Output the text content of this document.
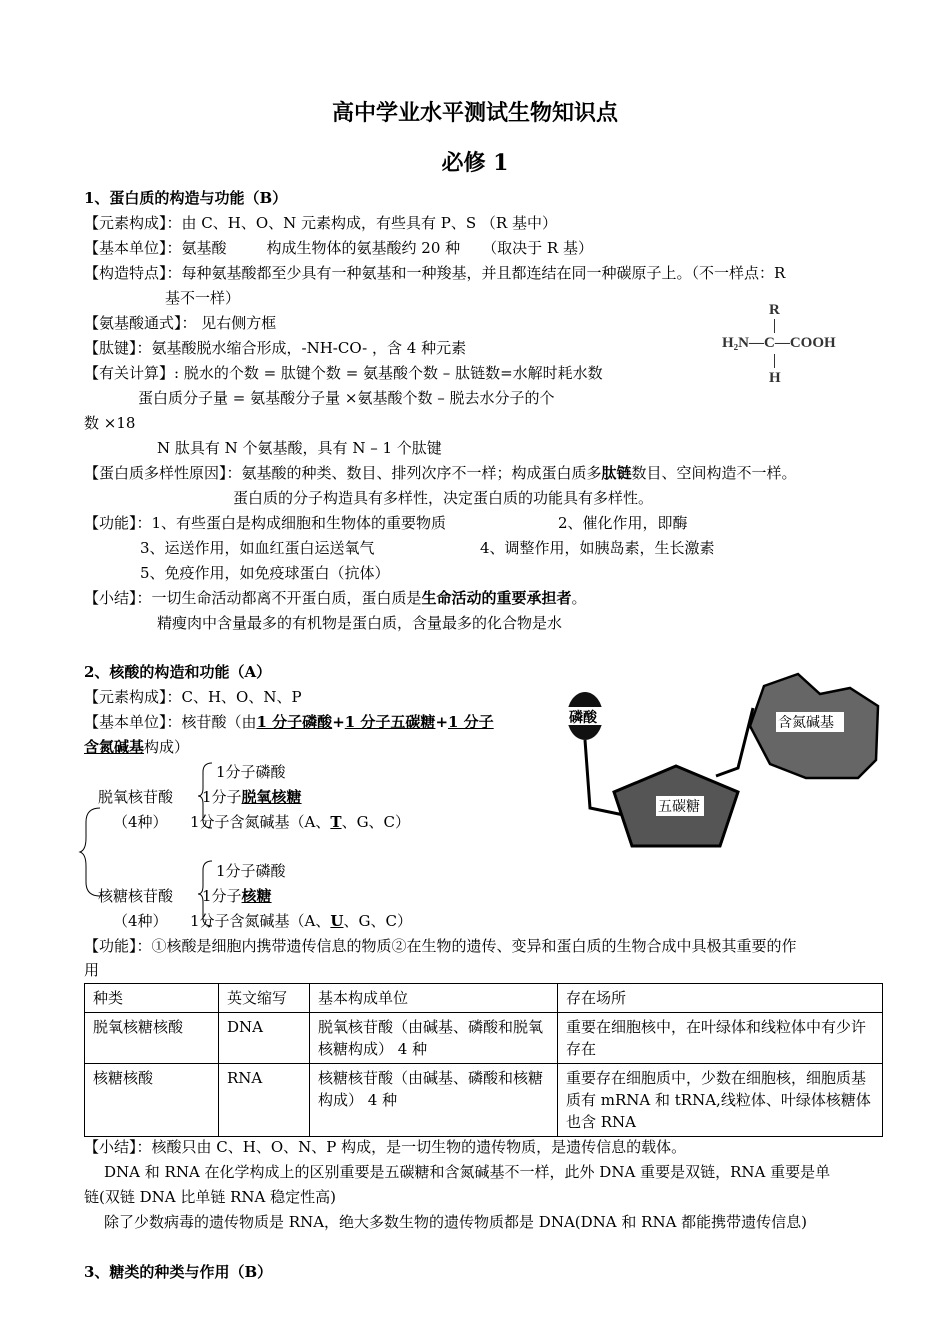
高中学业水平测试生物知识点
必修 1
1、蛋白质的构造与功能（B）
【元素构成】：由 C、H、O、N 元素构成，有些具有 P、S （R 基中）
【基本单位】：氨基酸	构成生物体的氨基酸约 20 种 （取决于 R 基）
【构造特点】：每种氨基酸都至少具有一种氨基和一种羧基，并且都连结在同一种碳原子上。（不一样点：R
基不一样）
【氨基酸通式】： 见右侧方框
【肽键】：氨基酸脱水缩合形成，-NH-CO- ，含 4 种元素
【有关计算】: 脱水的个数 = 肽键个数 = 氨基酸个数 – 肽链数=水解时耗水数
蛋白质分子量 = 氨基酸分子量 ×氨基酸个数 – 脱去水分子的个
数 ×18
N 肽具有 N 个氨基酸，具有 N – 1 个肽键
【蛋白质多样性原因】：氨基酸的种类、数目、排列次序不一样；构成蛋白质多肽链数目、空间构造不一样。
蛋白质的分子构造具有多样性，决定蛋白质的功能具有多样性。
【功能】：1、有些蛋白是构成细胞和生物体的重要物质	2、催化作用，即酶
3、运送作用，如血红蛋白运送氧气	4、调整作用，如胰岛素，生长激素
5、免疫作用，如免疫球蛋白（抗体）
【小结】：一切生命活动都离不开蛋白质，蛋白质是生命活动的重要承担者。
精瘦肉中含量最多的有机物是蛋白质，含量最多的化合物是水
R
H₂N—C—COOH
H
2、核酸的构造和功能（A）
【元素构成】：C、H、O、N、P
【基本单位】：核苷酸（由1 分子磷酸+1 分子五碳糖+1 分子
含氮碱基构成）
1分子磷酸
脱氧核苷酸 1分子脱氧核糖
（4种） 1分子含氮碱基（A、T、G、C）
1分子磷酸
核糖核苷酸 1分子核糖
（4种） 1分子含氮碱基（A、U、G、C）
磷酸
五碳糖
含氮碱基
【功能】：①核酸是细胞内携带遗传信息的物质②在生物的遗传、变异和蛋白质的生物合成中具极其重要的作
用
种类	英文缩写	基本构成单位	存在场所
脱氧核糖核酸	DNA	脱氧核苷酸（由碱基、磷酸和脱氧核糖构成） 4 种	重要在细胞核中，在叶绿体和线粒体中有少许存在
核糖核酸	RNA	核糖核苷酸（由碱基、磷酸和核糖构成） 4 种	重要存在细胞质中，少数在细胞核，细胞质基质有 mRNA 和 tRNA,线粒体、叶绿体核糖体也含 RNA
【小结】：核酸只由 C、H、O、N、P 构成，是一切生物的遗传物质，是遗传信息的载体。
DNA 和 RNA 在化学构成上的区别重要是五碳糖和含氮碱基不一样，此外 DNA 重要是双链，RNA 重要是单
链(双链 DNA 比单链 RNA 稳定性高)
除了少数病毒的遗传物质是 RNA，绝大多数生物的遗传物质都是 DNA(DNA 和 RNA 都能携带遗传信息)
3、糖类的种类与作用（B）
